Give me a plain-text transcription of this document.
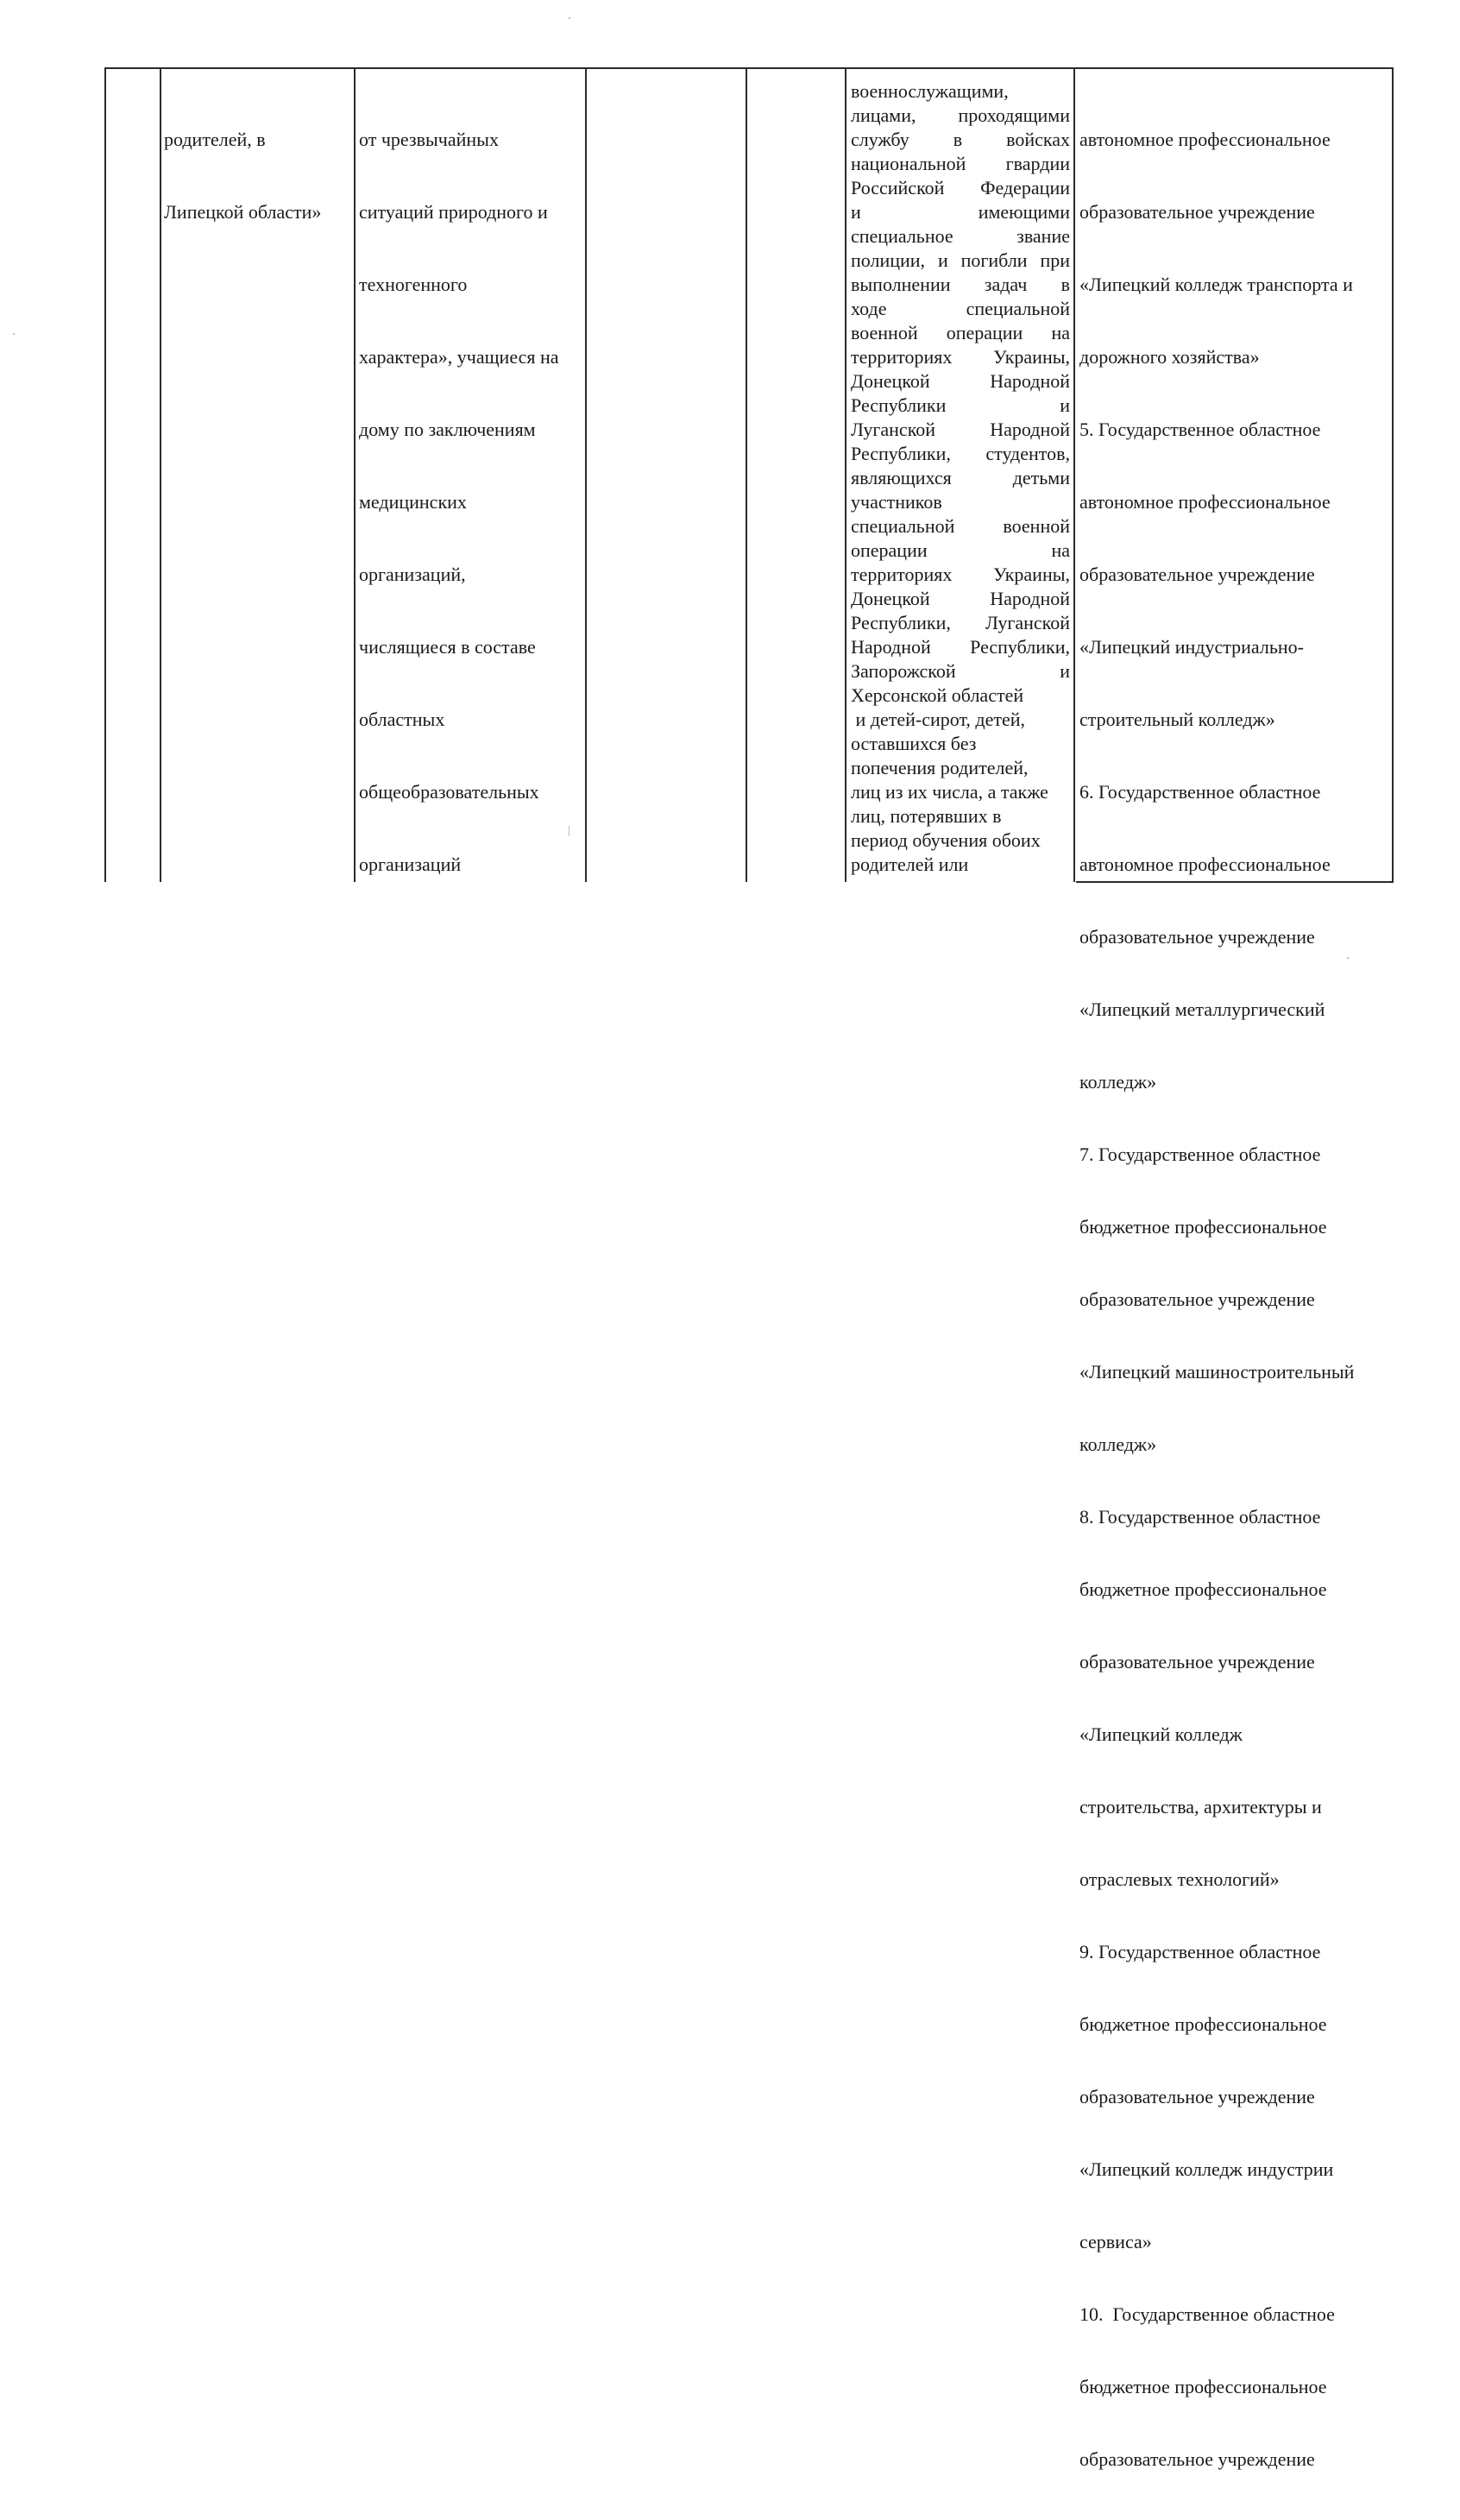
родителей, в

Липецкой области»

от чрезвычайных

ситуаций природного и

техногенного

характера», учащиеся на

дому по заключениям

медицинских

организаций,

числящиеся в составе

областных

общеобразовательных

организаций

военнослужащими,
лицами, проходящими
службу в войсках
национальной гвардии
Российской Федерации
и имеющими
специальное звание
полиции, и погибли при
выполнении задач в
ходе специальной
военной операции на
территориях Украины,
Донецкой Народной
Республики и
Луганской Народной
Республики, студентов,
являющихся детьми
участников
специальной военной
операции на
территориях Украины,
Донецкой Народной
Республики, Луганской
Народной Республики,
Запорожской и
Херсонской областей
и детей-сирот, детей,
оставшихся без
попечения родителей,
лиц из их числа, а также
лиц, потерявших в
период обучения обоих
родителей или

автономное профессиональное

образовательное учреждение

«Липецкий колледж транспорта и

дорожного хозяйства»

5. Государственное областное

автономное профессиональное

образовательное учреждение

«Липецкий индустриально-

строительный колледж»

6. Государственное областное

автономное профессиональное

образовательное учреждение

«Липецкий металлургический

колледж»

7. Государственное областное

бюджетное профессиональное

образовательное учреждение

«Липецкий машиностроительный

колледж»

8. Государственное областное

бюджетное профессиональное

образовательное учреждение

«Липецкий колледж

строительства, архитектуры и

отраслевых технологий»

9. Государственное областное

бюджетное профессиональное

образовательное учреждение

«Липецкий колледж индустрии

сервиса»

10.  Государственное областное

бюджетное профессиональное

образовательное учреждение
